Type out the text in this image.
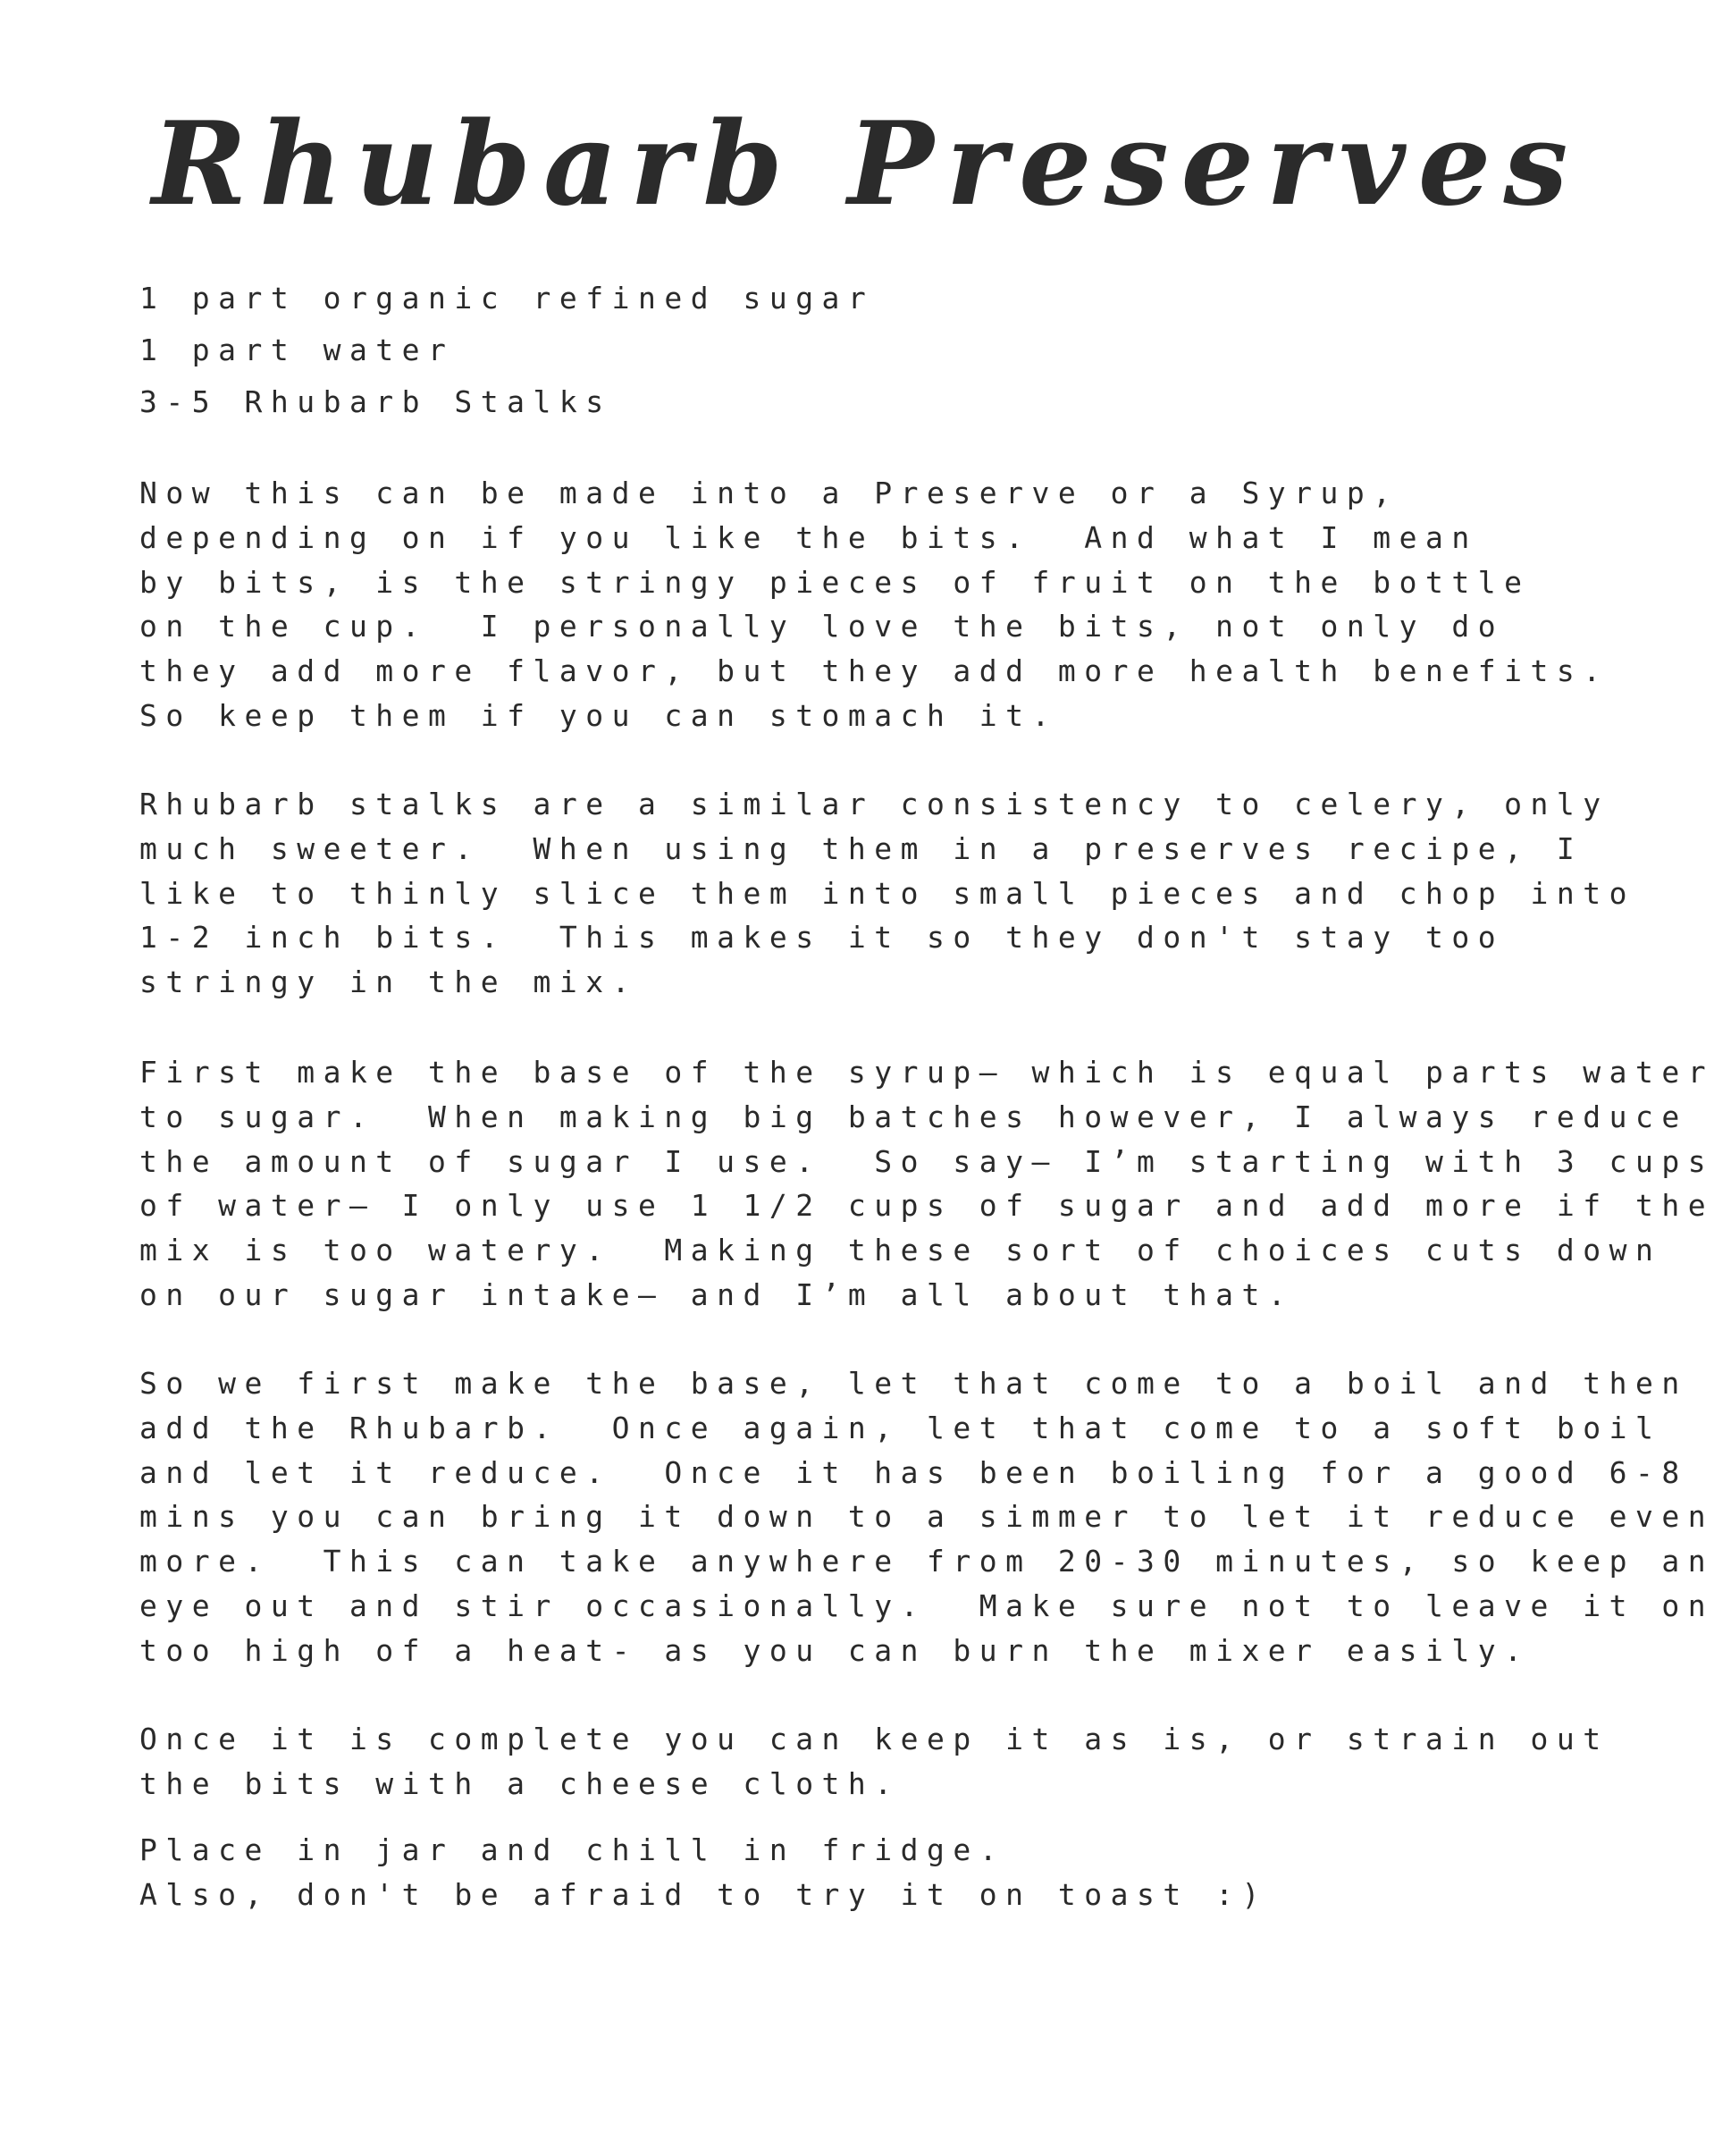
Rhubarb Preserves
1 part organic refined sugar
1 part water
3-5 Rhubarb Stalks

Now this can be made into a Preserve or a Syrup,
depending on if you like the bits.  And what I mean
by bits, is the stringy pieces of fruit on the bottle
on the cup.  I personally love the bits, not only do
they add more flavor, but they add more health benefits.
So keep them if you can stomach it.

Rhubarb stalks are a similar consistency to celery, only
much sweeter.  When using them in a preserves recipe, I
like to thinly slice them into small pieces and chop into
1-2 inch bits.  This makes it so they don't stay too
stringy in the mix.

First make the base of the syrup— which is equal parts water
to sugar.  When making big batches however, I always reduce
the amount of sugar I use.  So say— I’m starting with 3 cups
of water— I only use 1 1/2 cups of sugar and add more if the
mix is too watery.  Making these sort of choices cuts down
on our sugar intake— and I’m all about that.

So we first make the base, let that come to a boil and then
add the Rhubarb.  Once again, let that come to a soft boil
and let it reduce.  Once it has been boiling for a good 6-8
mins you can bring it down to a simmer to let it reduce even
more.  This can take anywhere from 20-30 minutes, so keep an
eye out and stir occasionally.  Make sure not to leave it on
too high of a heat- as you can burn the mixer easily.

Once it is complete you can keep it as is, or strain out
the bits with a cheese cloth.

Place in jar and chill in fridge.
Also, don't be afraid to try it on toast :)
